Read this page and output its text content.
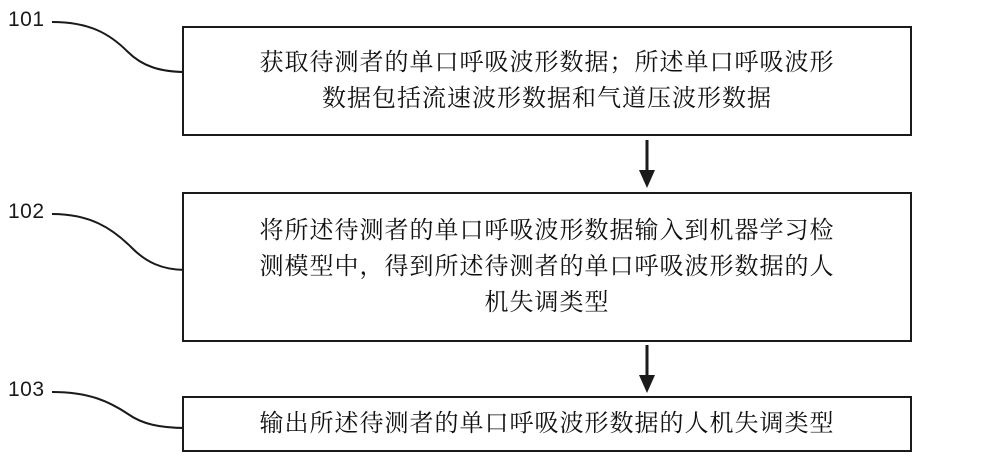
101
获取待测者的单口呼吸波形数据；所述单口呼吸波形
数据包括流速波形数据和气道压波形数据
102
将所述待测者的单口呼吸波形数据输入到机器学习检
测模型中，得到所述待测者的单口呼吸波形数据的人
机失调类型
103
输出所述待测者的单口呼吸波形数据的人机失调类型
